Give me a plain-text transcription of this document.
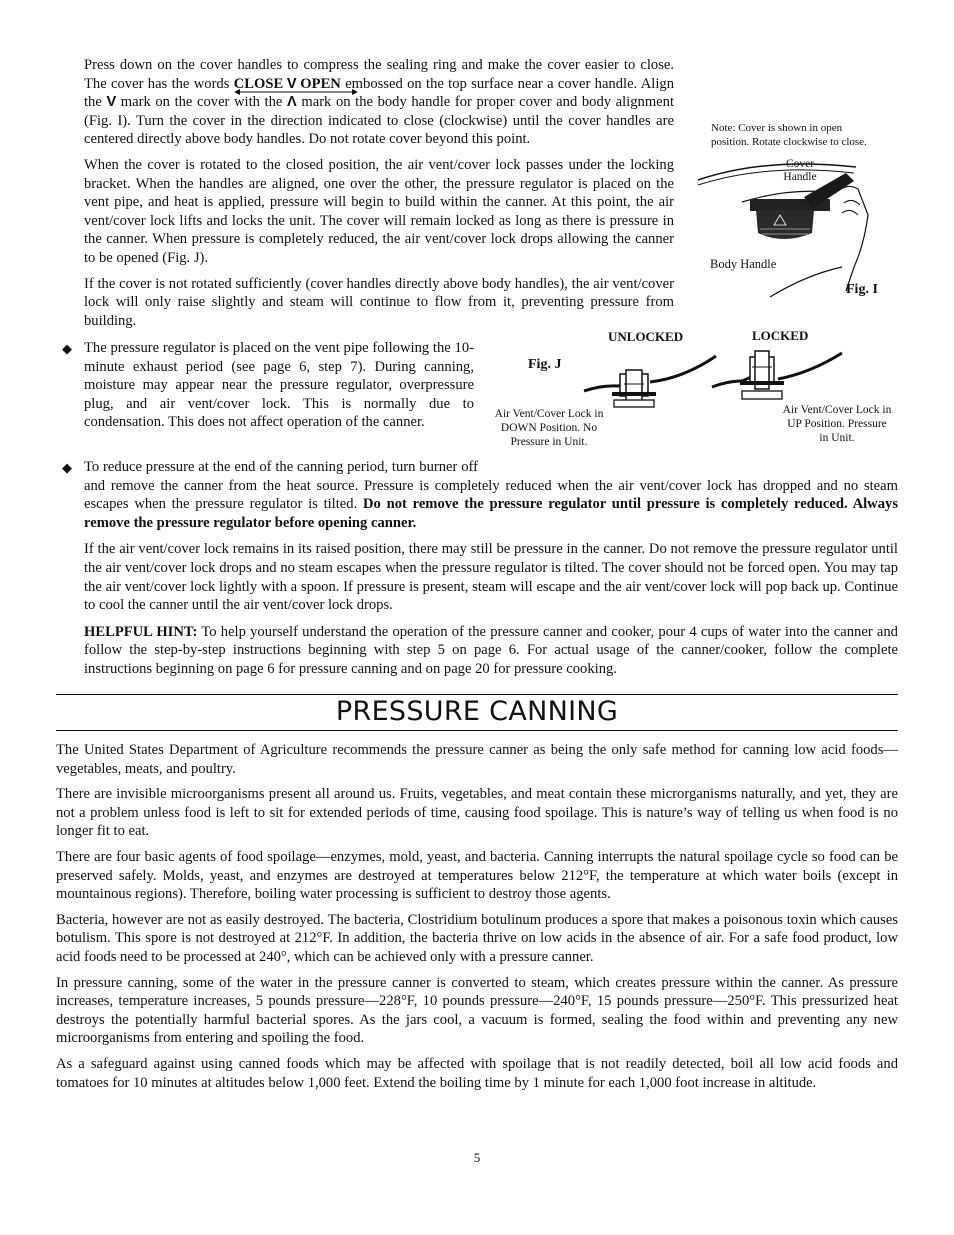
Press down on the cover handles to compress the sealing ring and make the cover easier to close. The cover has the words CLOSE V OPEN embossed on the top surface near a cover handle. Align the V mark on the cover with the Λ mark on the body handle for proper cover and body alignment (Fig. I). Turn the cover in the direction indicated to close (clockwise) until the cover handles are centered directly above body handles. Do not rotate cover beyond this point.

When the cover is rotated to the closed position, the air vent/cover lock passes under the locking bracket. When the handles are aligned, one over the other, the pressure regulator is placed on the vent pipe, and heat is applied, pressure will begin to build within the canner. At this point, the air vent/cover lock lifts and locks the unit. The cover will remain locked as long as there is pressure in the canner. When pressure is completely reduced, the air vent/cover lock drops allowing the canner to be opened (Fig. J).

If the cover is not rotated sufficiently (cover handles directly above body handles), the air vent/cover lock will only raise slightly and steam will continue to flow from it, preventing pressure from building.

Note: Cover is shown in open position. Rotate clockwise to close.
Cover Handle
Body Handle
Fig. I
◆ The pressure regulator is placed on the vent pipe following the 10-minute exhaust period (see page 6, step 7). During canning, moisture may appear near the pressure regulator, overpressure plug, and air vent/cover lock. This is normally due to condensation. This does not affect operation of the canner.

UNLOCKED	LOCKED
Fig. J
Air Vent/Cover Lock in DOWN Position. No Pressure in Unit.
Air Vent/Cover Lock in UP Position. Pressure in Unit.
◆ To reduce pressure at the end of the canning period, turn burner off and remove the canner from the heat source. Pressure is completely reduced when the air vent/cover lock has dropped and no steam escapes when the pressure regulator is tilted. Do not remove the pressure regulator until pressure is completely reduced. Always remove the pressure regulator before opening canner.

If the air vent/cover lock remains in its raised position, there may still be pressure in the canner. Do not remove the pressure regulator until the air vent/cover lock drops and no steam escapes when the pressure regulator is tilted. The cover should not be forced open. You may tap the air vent/cover lock lightly with a spoon. If pressure is present, steam will escape and the air vent/cover lock will pop back up. Continue to cool the canner until the air vent/cover lock drops.

HELPFUL HINT: To help yourself understand the operation of the pressure canner and cooker, pour 4 cups of water into the canner and follow the step-by-step instructions beginning with step 5 on page 6. For actual usage of the canner/cooker, follow the complete instructions beginning on page 6 for pressure canning and on page 20 for pressure cooking.

PRESSURE CANNING

The United States Department of Agriculture recommends the pressure canner as being the only safe method for canning low acid foods—vegetables, meats, and poultry.

There are invisible microorganisms present all around us. Fruits, vegetables, and meat contain these microrganisms naturally, and yet, they are not a problem unless food is left to sit for extended periods of time, causing food spoilage. This is nature’s way of telling us when food is no longer fit to eat.

There are four basic agents of food spoilage—enzymes, mold, yeast, and bacteria. Canning interrupts the natural spoilage cycle so food can be preserved safely. Molds, yeast, and enzymes are destroyed at temperatures below 212°F, the temperature at which water boils (except in mountainous regions). Therefore, boiling water processing is sufficient to destroy those agents.

Bacteria, however are not as easily destroyed. The bacteria, Clostridium botulinum produces a spore that makes a poisonous toxin which causes botulism. This spore is not destroyed at 212°F. In addition, the bacteria thrive on low acids in the absence of air. For a safe food product, low acid foods need to be processed at 240°, which can be achieved only with a pressure canner.

In pressure canning, some of the water in the pressure canner is converted to steam, which creates pressure within the canner. As pressure increases, temperature increases, 5 pounds pressure—228°F, 10 pounds pressure—240°F, 15 pounds pressure—250°F. This pressurized heat destroys the potentially harmful bacterial spores. As the jars cool, a vacuum is formed, sealing the food within and preventing any new microorganisms from entering and spoiling the food.

As a safeguard against using canned foods which may be affected with spoilage that is not readily detected, boil all low acid foods and tomatoes for 10 minutes at altitudes below 1,000 feet. Extend the boiling time by 1 minute for each 1,000 foot increase in altitude.

5
